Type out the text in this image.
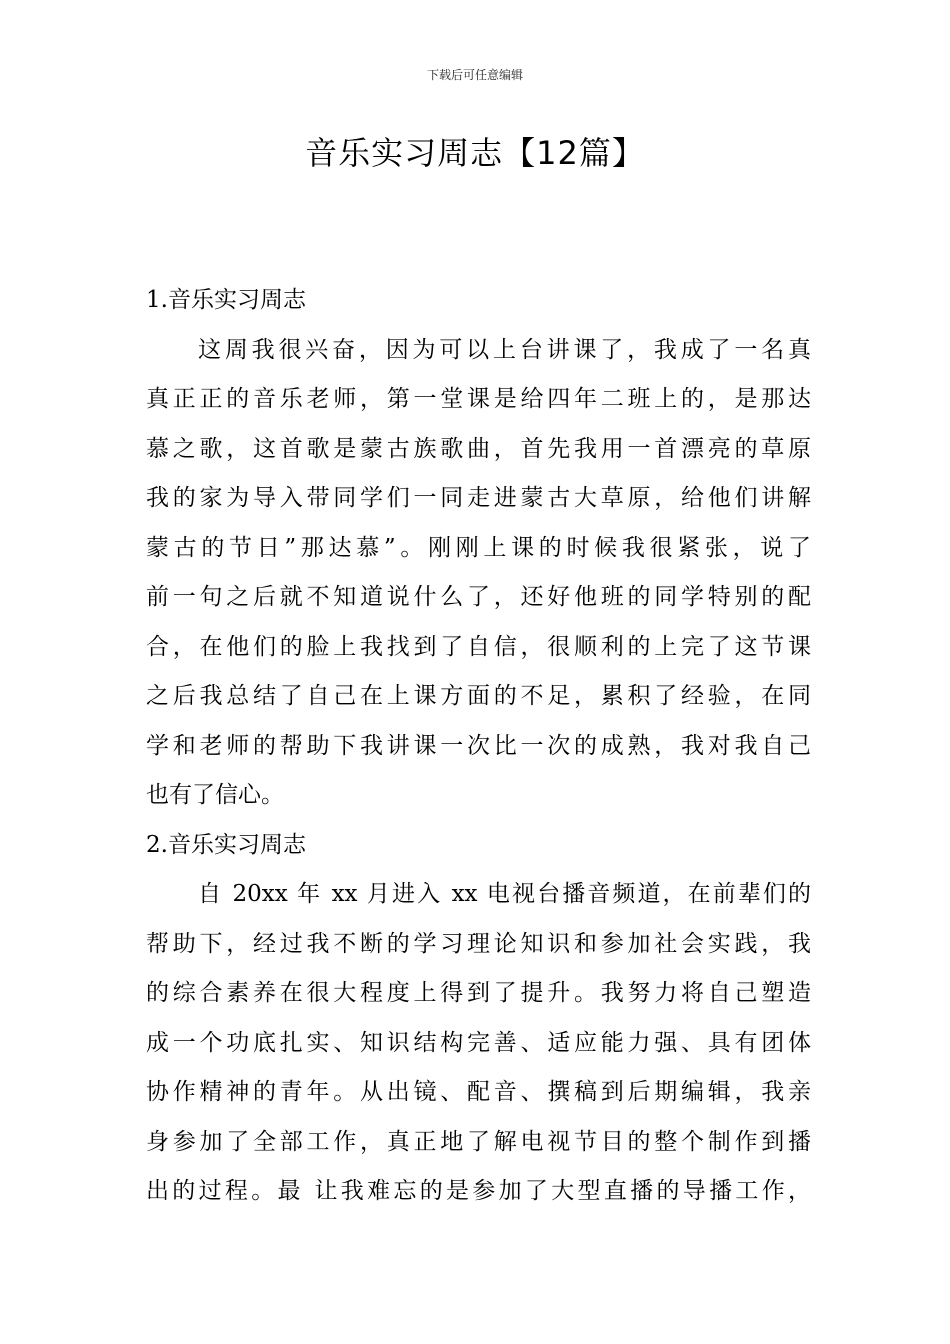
下载后可任意编辑
音乐实习周志【12篇】

1.音乐实习周志

这周我很兴奋，因为可以上台讲课了，我成了一名真

真正正的音乐老师，第一堂课是给四年二班上的，是那达

慕之歌，这首歌是蒙古族歌曲，首先我用一首漂亮的草原

我的家为导入带同学们一同走进蒙古大草原，给他们讲解

蒙古的节日”那达慕”。刚刚上课的时候我很紧张，说了

前一句之后就不知道说什么了，还好他班的同学特别的配

合，在他们的脸上我找到了自信，很顺利的上完了这节课

之后我总结了自己在上课方面的不足，累积了经验，在同

学和老师的帮助下我讲课一次比一次的成熟，我对我自己

也有了信心。

2.音乐实习周志

自 20xx 年 xx 月进入 xx 电视台播音频道，在前辈们的

帮助下，经过我不断的学习理论知识和参加社会实践，我

的综合素养在很大程度上得到了提升。我努力将自己塑造

成一个功底扎实、知识结构完善、适应能力强、具有团体

协作精神的青年。从出镜、配音、撰稿到后期编辑，我亲

身参加了全部工作，真正地了解电视节目的整个制作到播

出的过程。最 让我难忘的是参加了大型直播的导播工作，
